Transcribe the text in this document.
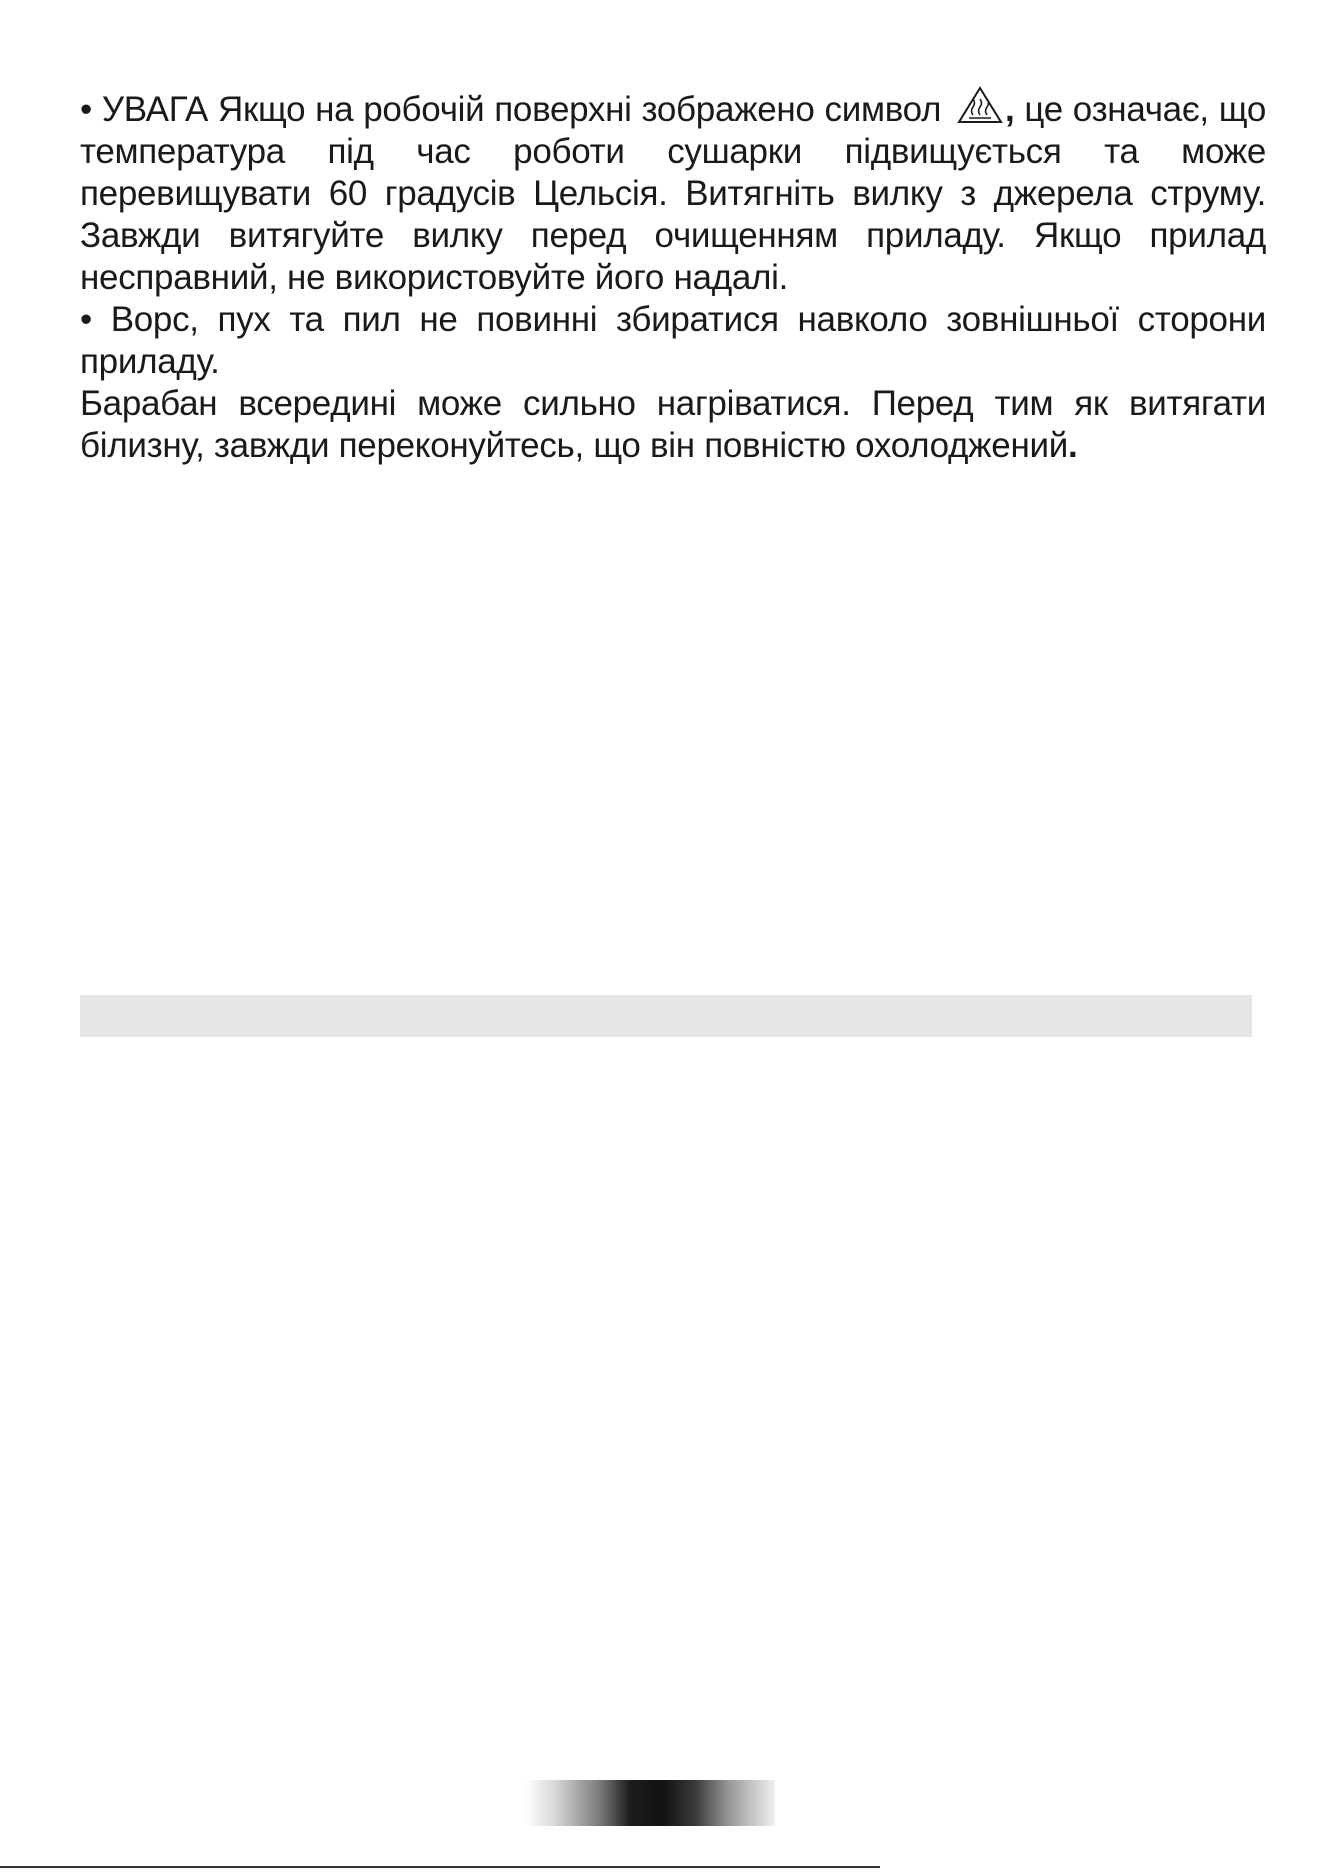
• УВАГА Якщо на робочій поверхні зображено символ , це означає, що температура під час роботи сушарки підвищується та може перевищувати 60 градусів Цельсія. Витягніть вилку з джерела струму. Завжди витягуйте вилку перед очищенням приладу. Якщо прилад несправний, не використовуйте його надалі.

• Ворс, пух та пил не повинні збиратися навколо зовнішньої сторони приладу.

Барабан всередині може сильно нагріватися. Перед тим як витягати білизну, завжди переконуйтесь, що він повністю охолоджений.
